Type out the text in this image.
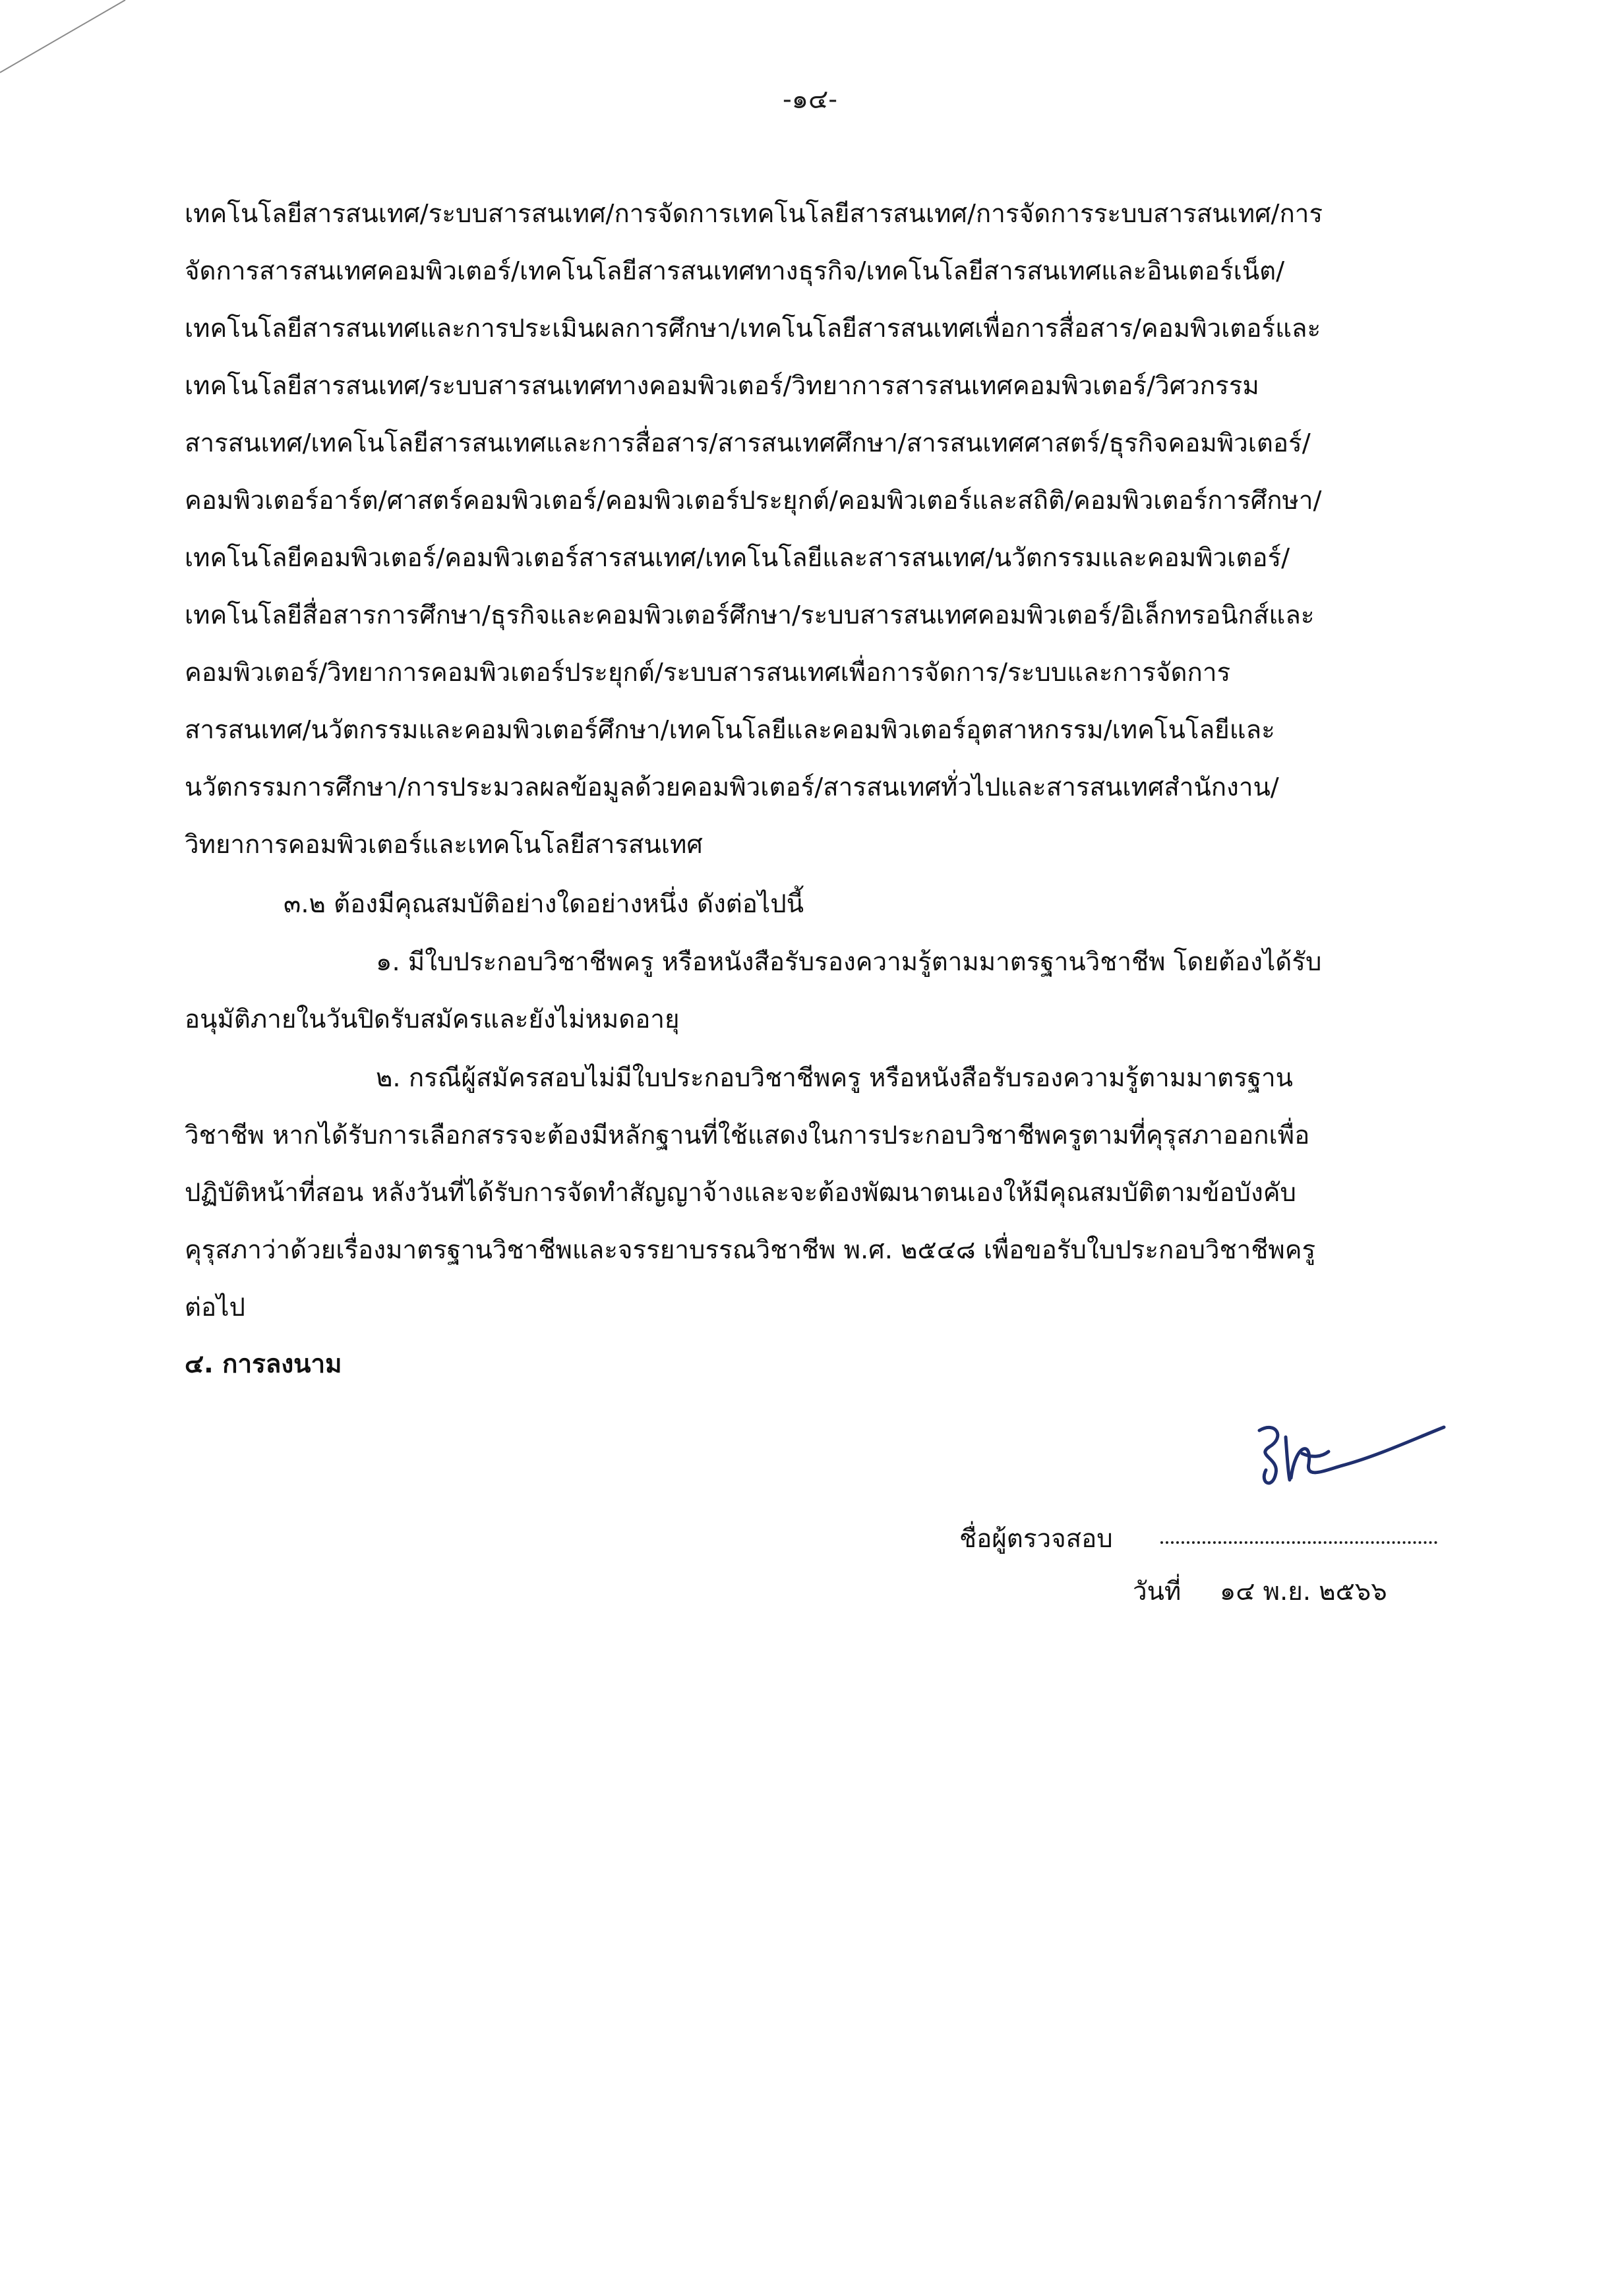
-๑๔-
เทคโนโลยีสารสนเทศ/ระบบสารสนเทศ/การจัดการเทคโนโลยีสารสนเทศ/การจัดการระบบสารสนเทศ/การ
จัดการสารสนเทศคอมพิวเตอร์/เทคโนโลยีสารสนเทศทางธุรกิจ/เทคโนโลยีสารสนเทศและอินเตอร์เน็ต/
เทคโนโลยีสารสนเทศและการประเมินผลการศึกษา/เทคโนโลยีสารสนเทศเพื่อการสื่อสาร/คอมพิวเตอร์และ
เทคโนโลยีสารสนเทศ/ระบบสารสนเทศทางคอมพิวเตอร์/วิทยาการสารสนเทศคอมพิวเตอร์/วิศวกรรม
สารสนเทศ/เทคโนโลยีสารสนเทศและการสื่อสาร/สารสนเทศศึกษา/สารสนเทศศาสตร์/ธุรกิจคอมพิวเตอร์/
คอมพิวเตอร์อาร์ต/ศาสตร์คอมพิวเตอร์/คอมพิวเตอร์ประยุกต์/คอมพิวเตอร์และสถิติ/คอมพิวเตอร์การศึกษา/
เทคโนโลยีคอมพิวเตอร์/คอมพิวเตอร์สารสนเทศ/เทคโนโลยีและสารสนเทศ/นวัตกรรมและคอมพิวเตอร์/
เทคโนโลยีสื่อสารการศึกษา/ธุรกิจและคอมพิวเตอร์ศึกษา/ระบบสารสนเทศคอมพิวเตอร์/อิเล็กทรอนิกส์และ
คอมพิวเตอร์/วิทยาการคอมพิวเตอร์ประยุกต์/ระบบสารสนเทศเพื่อการจัดการ/ระบบและการจัดการ
สารสนเทศ/นวัตกรรมและคอมพิวเตอร์ศึกษา/เทคโนโลยีและคอมพิวเตอร์อุตสาหกรรม/เทคโนโลยีและ
นวัตกรรมการศึกษา/การประมวลผลข้อมูลด้วยคอมพิวเตอร์/สารสนเทศทั่วไปและสารสนเทศสำนักงาน/
วิทยาการคอมพิวเตอร์และเทคโนโลยีสารสนเทศ
๓.๒ ต้องมีคุณสมบัติอย่างใดอย่างหนึ่ง ดังต่อไปนี้
๑. มีใบประกอบวิชาชีพครู หรือหนังสือรับรองความรู้ตามมาตรฐานวิชาชีพ โดยต้องได้รับ
อนุมัติภายในวันปิดรับสมัครและยังไม่หมดอายุ
๒. กรณีผู้สมัครสอบไม่มีใบประกอบวิชาชีพครู หรือหนังสือรับรองความรู้ตามมาตรฐาน
วิชาชีพ หากได้รับการเลือกสรรจะต้องมีหลักฐานที่ใช้แสดงในการประกอบวิชาชีพครูตามที่คุรุสภาออกเพื่อ
ปฏิบัติหน้าที่สอน หลังวันที่ได้รับการจัดทำสัญญาจ้างและจะต้องพัฒนาตนเองให้มีคุณสมบัติตามข้อบังคับ
คุรุสภาว่าด้วยเรื่องมาตรฐานวิชาชีพและจรรยาบรรณวิชาชีพ พ.ศ. ๒๕๔๘ เพื่อขอรับใบประกอบวิชาชีพครู
ต่อไป
๔. การลงนาม
ชื่อผู้ตรวจสอบ
วันที่ ๑๔ พ.ย. ๒๕๖๖
